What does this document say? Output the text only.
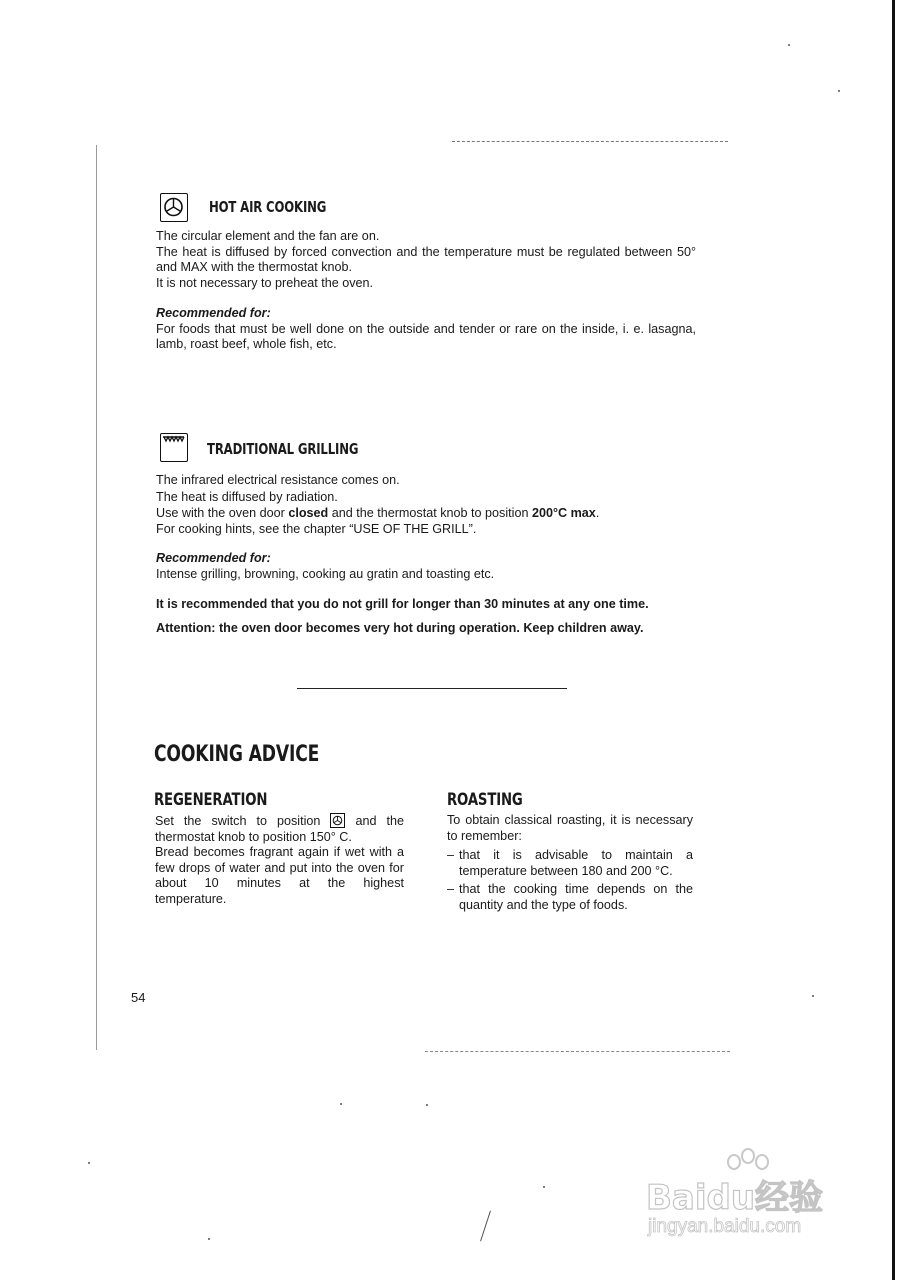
HOT AIR COOKING

The circular element and the fan are on.

The heat is diffused by forced convection and the temperature must be regulated between 50° and MAX with the thermostat knob.

It is not necessary to preheat the oven.

Recommended for:

For foods that must be well done on the outside and tender or rare on the inside, i. e. lasagna, lamb, roast beef, whole fish, etc.

TRADITIONAL GRILLING

The infrared electrical resistance comes on.

The heat is diffused by radiation.

Use with the oven door closed and the thermostat knob to position 200°C max.

For cooking hints, see the chapter “USE OF THE GRILL”.

Recommended for:

Intense grilling, browning, cooking au gratin and toasting etc.

It is recommended that you do not grill for longer than 30 minutes at any one time.

Attention: the oven door becomes very hot during operation. Keep children away.

COOKING ADVICE
REGENERATION
Set the switch to position
and the thermostat knob to position 150° C.
Bread becomes fragrant again if wet with a few drops of water and put into the oven for about 10 minutes at the highest temperature.
ROASTING

To obtain classical roasting, it is necessary to remember:

– that it is advisable to maintain a temperature between 180 and 200 °C.
– that the cooking time depends on the quantity and the type of foods.
54
Baidu经验
jingyan.baidu.com
